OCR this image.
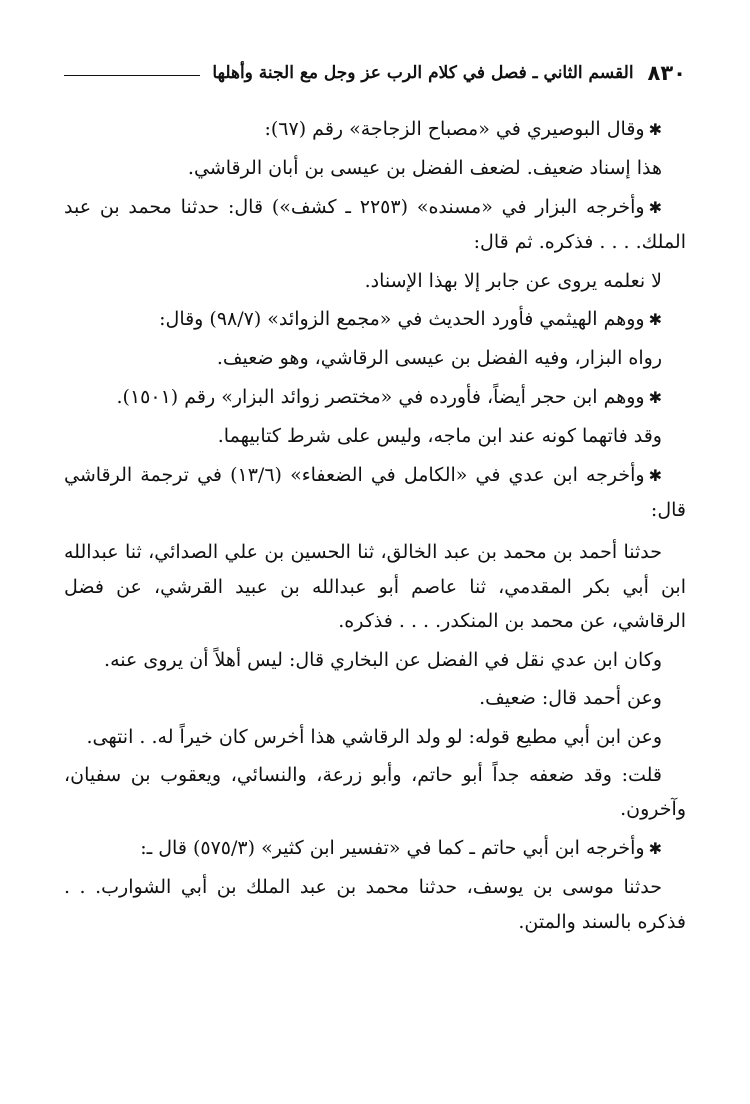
٨٣٠
القسم الثاني ـ فصل في كلام الرب عز وجل مع الجنة وأهلها

✱وقال البوصيري في «مصباح الزجاجة» رقم (٦٧):

هذا إسناد ضعيف. لضعف الفضل بن عيسى بن أبان الرقاشي.

✱وأخرجه البزار في «مسنده» (٢٢٥٣ ـ كشف») قال: حدثنا محمد بن عبد الملك. . . . فذكره. ثم قال:

لا نعلمه يروى عن جابر إلا بهذا الإسناد.

✱ووهم الهيثمي فأورد الحديث في «مجمع الزوائد» (٩٨/٧) وقال:

رواه البزار، وفيه الفضل بن عيسى الرقاشي، وهو ضعيف.

✱ووهم ابن حجر أيضاً، فأورده في «مختصر زوائد البزار» رقم (١٥٠١).

وقد فاتهما كونه عند ابن ماجه، وليس على شرط كتابيهما.

✱وأخرجه ابن عدي في «الكامل في الضعفاء» (١٣/٦) في ترجمة الرقاشي قال:

حدثنا أحمد بن محمد بن عبد الخالق، ثنا الحسين بن علي الصدائي، ثنا عبدالله ابن أبي بكر المقدمي، ثنا عاصم أبو عبدالله بن عبيد القرشي، عن فضل الرقاشي، عن محمد بن المنكدر. . . . فذكره.

وكان ابن عدي نقل في الفضل عن البخاري قال: ليس أهلاً أن يروى عنه.

وعن أحمد قال: ضعيف.

وعن ابن أبي مطيع قوله: لو ولد الرقاشي هذا أخرس كان خيراً له. . انتهى.

قلت: وقد ضعفه جداً أبو حاتم، وأبو زرعة، والنسائي، ويعقوب بن سفيان، وآخرون.

✱وأخرجه ابن أبي حاتم ـ كما في «تفسير ابن كثير» (٥٧٥/٣) قال ـ:

حدثنا موسى بن يوسف، حدثنا محمد بن عبد الملك بن أبي الشوارب. . . فذكره بالسند والمتن.
